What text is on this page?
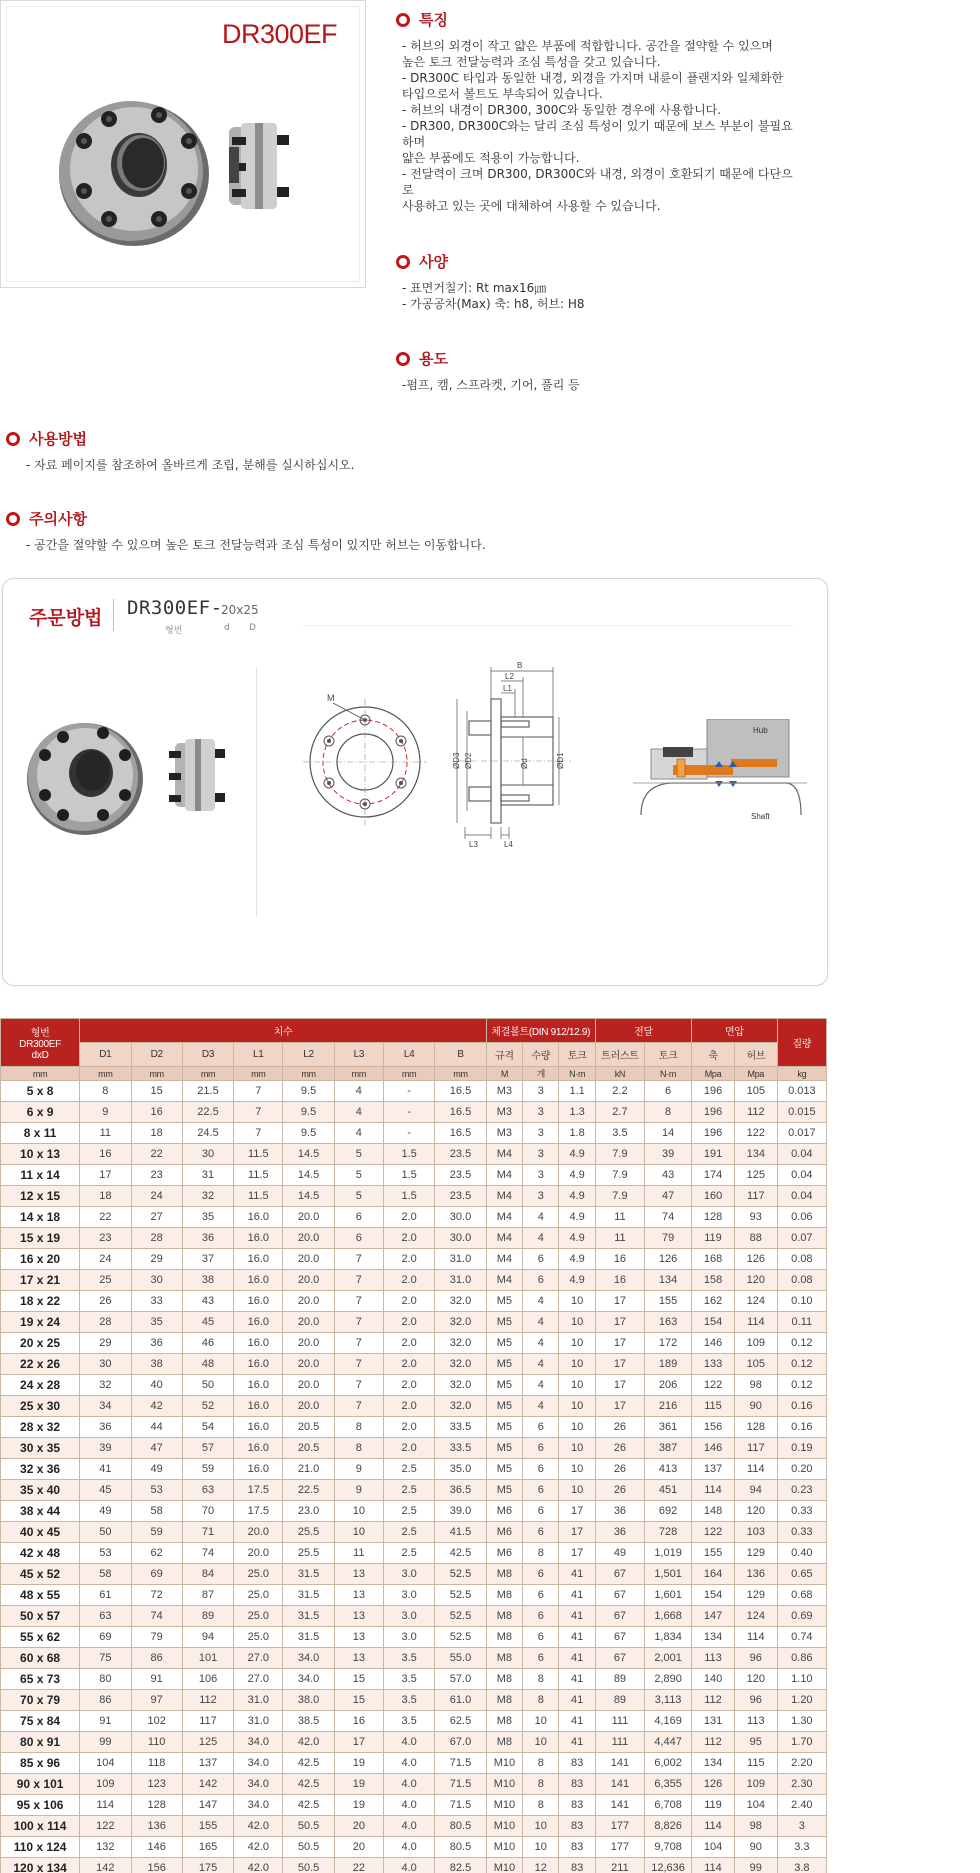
DR300EF	특징

- 허브의 외경이 작고 얇은 부품에 적합합니다. 공간을 절약할 수 있으며

높은 토크 전달능력과 조심 특성을 갖고 있습니다.

- DR300C 타입과 동일한 내경, 외경을 가지며 내륜이 플랜지와 일체화한

타입으로서 볼트도 부속되어 있습니다.

- 허브의 내경이 DR300, 300C와 동일한 경우에 사용합니다.

- DR300, DR300C와는 달리 조심 특성이 있기 때문에 보스 부분이 불필요

하며

얇은 부품에도 적용이 가능합니다.

- 전달력이 크며 DR300, DR300C와 내경, 외경이 호환되기 때문에 다단으

로

사용하고 있는 곳에 대체하여 사용할 수 있습니다.

사양

- 표면거칠기: Rt max16㎛

- 가공공차(Max) 축: h8, 허브: H8

용도

-펌프, 캠, 스프라켓, 기어, 풀리 등

사용방법

- 자료 페이지를 참조하여 올바르게 조립, 분해를 실시하십시오.

주의사항

- 공간을 절약할 수 있으며 높은 토크 전달능력과 조심 특성이 있지만 허브는 이동합니다.

주문방법 DR300EF-
20x25
형번	d D
M
B
L2
L1
L3	L4
ØD3 ØD2	Ød	ØD1
Hub
Shaft
형번
DR300EF
dxD	치수								체결볼트(DIN 912/12.9)			전달		면압		질량
	D1	D2	D3	L1	L2	L3	L4	B	규격	수량	토크	트러스트	토크	축	허브	
mm	mm	mm	mm	mm	mm	mm	mm	mm	M	개	N·m	kN	N·m	Mpa	Mpa	kg
5 x 8	8	15	21.5	7	9.5	4	-	16.5	M3	3	1.1	2.2	6	196	105	0.013
6 x 9	9	16	22.5	7	9.5	4	-	16.5	M3	3	1.3	2.7	8	196	112	0.015
8 x 11	11	18	24.5	7	9.5	4	-	16.5	M3	3	1.8	3.5	14	196	122	0.017
10 x 13	16	22	30	11.5	14.5	5	1.5	23.5	M4	3	4.9	7.9	39	191	134	0.04
11 x 14	17	23	31	11.5	14.5	5	1.5	23.5	M4	3	4.9	7.9	43	174	125	0.04
12 x 15	18	24	32	11.5	14.5	5	1.5	23.5	M4	3	4.9	7.9	47	160	117	0.04
14 x 18	22	27	35	16.0	20.0	6	2.0	30.0	M4	4	4.9	11	74	128	93	0.06
15 x 19	23	28	36	16.0	20.0	6	2.0	30.0	M4	4	4.9	11	79	119	88	0.07
16 x 20	24	29	37	16.0	20.0	7	2.0	31.0	M4	6	4.9	16	126	168	126	0.08
17 x 21	25	30	38	16.0	20.0	7	2.0	31.0	M4	6	4.9	16	134	158	120	0.08
18 x 22	26	33	43	16.0	20.0	7	2.0	32.0	M5	4	10	17	155	162	124	0.10
19 x 24	28	35	45	16.0	20.0	7	2.0	32.0	M5	4	10	17	163	154	114	0.11
20 x 25	29	36	46	16.0	20.0	7	2.0	32.0	M5	4	10	17	172	146	109	0.12
22 x 26	30	38	48	16.0	20.0	7	2.0	32.0	M5	4	10	17	189	133	105	0.12
24 x 28	32	40	50	16.0	20.0	7	2.0	32.0	M5	4	10	17	206	122	98	0.12
25 x 30	34	42	52	16.0	20.0	7	2.0	32.0	M5	4	10	17	216	115	90	0.16
28 x 32	36	44	54	16.0	20.5	8	2.0	33.5	M5	6	10	26	361	156	128	0.16
30 x 35	39	47	57	16.0	20.5	8	2.0	33.5	M5	6	10	26	387	146	117	0.19
32 x 36	41	49	59	16.0	21.0	9	2.5	35.0	M5	6	10	26	413	137	114	0.20
35 x 40	45	53	63	17.5	22.5	9	2.5	36.5	M5	6	10	26	451	114	94	0.23
38 x 44	49	58	70	17.5	23.0	10	2.5	39.0	M6	6	17	36	692	148	120	0.33
40 x 45	50	59	71	20.0	25.5	10	2.5	41.5	M6	6	17	36	728	122	103	0.33
42 x 48	53	62	74	20.0	25.5	11	2.5	42.5	M6	8	17	49	1,019	155	129	0.40
45 x 52	58	69	84	25.0	31.5	13	3.0	52.5	M8	6	41	67	1,501	164	136	0.65
48 x 55	61	72	87	25.0	31.5	13	3.0	52.5	M8	6	41	67	1,601	154	129	0.68
50 x 57	63	74	89	25.0	31.5	13	3.0	52.5	M8	6	41	67	1,668	147	124	0.69
55 x 62	69	79	94	25.0	31.5	13	3.0	52.5	M8	6	41	67	1,834	134	114	0.74
60 x 68	75	86	101	27.0	34.0	13	3.5	55.0	M8	6	41	67	2,001	113	96	0.86
65 x 73	80	91	106	27.0	34.0	15	3.5	57.0	M8	8	41	89	2,890	140	120	1.10
70 x 79	86	97	112	31.0	38.0	15	3.5	61.0	M8	8	41	89	3,113	112	96	1.20
75 x 84	91	102	117	31.0	38.5	16	3.5	62.5	M8	10	41	111	4,169	131	113	1.30
80 x 91	99	110	125	34.0	42.0	17	4.0	67.0	M8	10	41	111	4,447	112	95	1.70
85 x 96	104	118	137	34.0	42.5	19	4.0	71.5	M10	8	83	141	6,002	134	115	2.20
90 x 101	109	123	142	34.0	42.5	19	4.0	71.5	M10	8	83	141	6,355	126	109	2.30
95 x 106	114	128	147	34.0	42.5	19	4.0	71.5	M10	8	83	141	6,708	119	104	2.40
100 x 114	122	136	155	42.0	50.5	20	4.0	80.5	M10	10	83	177	8,826	114	98	3
110 x 124	132	146	165	42.0	50.5	20	4.0	80.5	M10	10	83	177	9,708	104	90	3.3
120 x 134	142	156	175	42.0	50.5	22	4.0	82.5	M10	12	83	211	12,636	114	99	3.8
